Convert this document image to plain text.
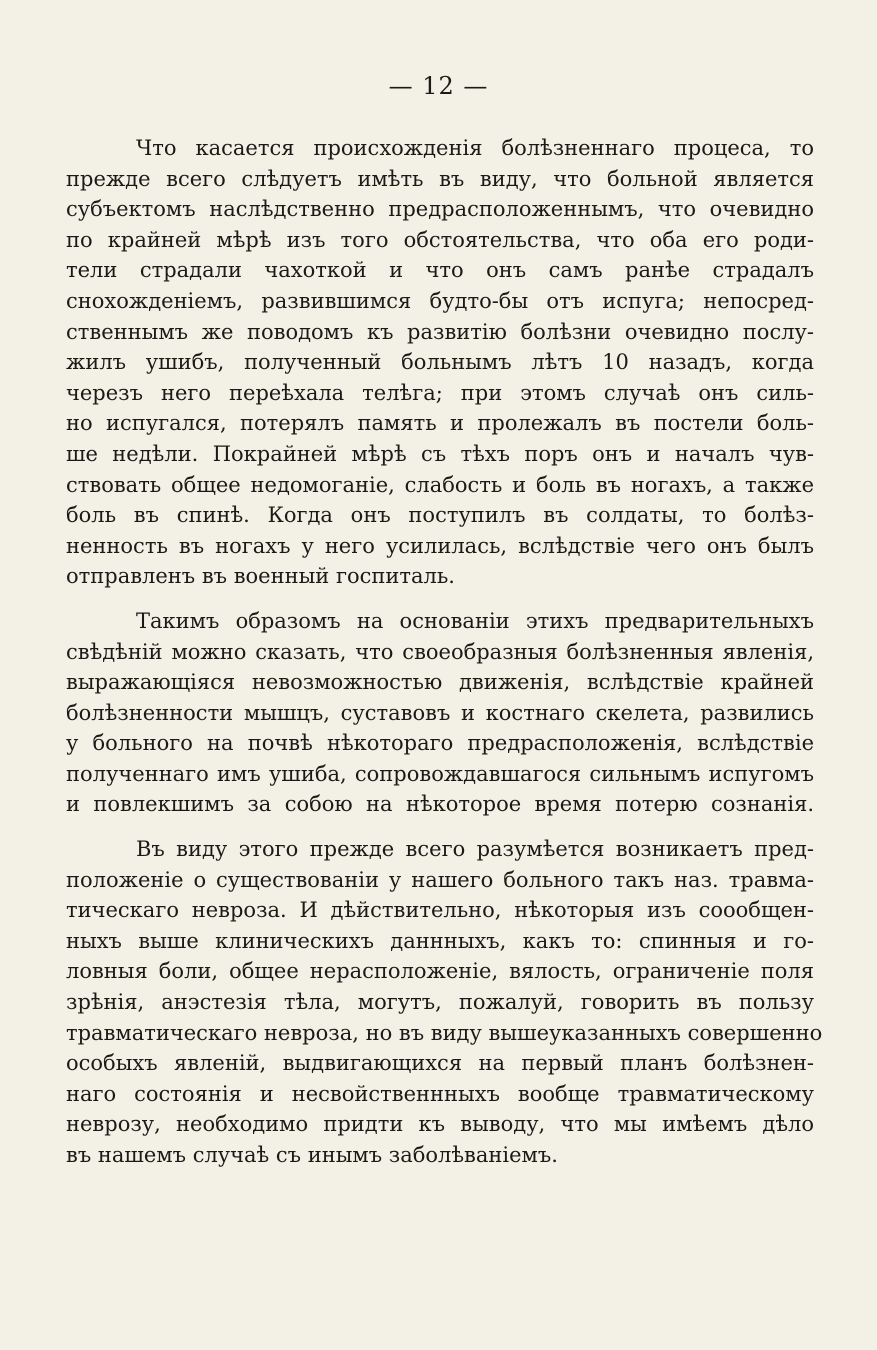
— 12 —
Что касается происхожденія болѣзненнаго процеса, то
прежде всего слѣдуетъ имѣть въ виду, что больной является
субъектомъ наслѣдственно предрасположеннымъ, что очевидно
по крайней мѣрѣ изъ того обстоятельства, что оба его роди-
тели страдали чахоткой и что онъ самъ ранѣе страдалъ
снохожденіемъ, развившимся будто-бы отъ испуга; непосред-
ственнымъ же поводомъ къ развитію болѣзни очевидно послу-
жилъ ушибъ, полученный больнымъ лѣтъ 10 назадъ, когда
черезъ него переѣхала телѣга; при этомъ случаѣ онъ силь-
но испугался, потерялъ память и пролежалъ въ постели боль-
ше недѣли. Покрайней мѣрѣ съ тѣхъ поръ онъ и началъ чув-
ствовать общее недомоганіе, слабость и боль въ ногахъ, а также
боль въ спинѣ. Когда онъ поступилъ въ солдаты, то болѣз-
ненность въ ногахъ у него усилилась, вслѣдствіе чего онъ былъ
отправленъ въ военный госпиталь.
Такимъ образомъ на основаніи этихъ предварительныхъ
свѣдѣній можно сказать, что своеобразныя болѣзненныя явленія,
выражающіяся невозможностью движенія, вслѣдствіе крайней
болѣзненности мышцъ, суставовъ и костнаго скелета, развились
у больного на почвѣ нѣкотораго предрасположенія, вслѣдствіе
полученнаго имъ ушиба, сопровождавшагося сильнымъ испугомъ
и повлекшимъ за собою на нѣкоторое время потерю сознанія.
Въ виду этого прежде всего разумѣется возникаетъ пред-
положеніе о существованіи у нашего больного такъ наз. травма-
тическаго невроза. И дѣйствительно, нѣкоторыя изъ соообщен-
ныхъ выше клиническихъ даннныхъ, какъ то: спинныя и го-
ловныя боли, общее нерасположеніе, вялость, ограниченіе поля
зрѣнія, анэстезія тѣла, могутъ, пожалуй, говорить въ пользу
травматическаго невроза, но въ виду вышеуказанныхъ совершенно
особыхъ явленій, выдвигающихся на первый планъ болѣзнен-
наго состоянія и несвойственнныхъ вообще травматическому
неврозу, необходимо придти къ выводу, что мы имѣемъ дѣло
въ нашемъ случаѣ съ инымъ заболѣваніемъ.
